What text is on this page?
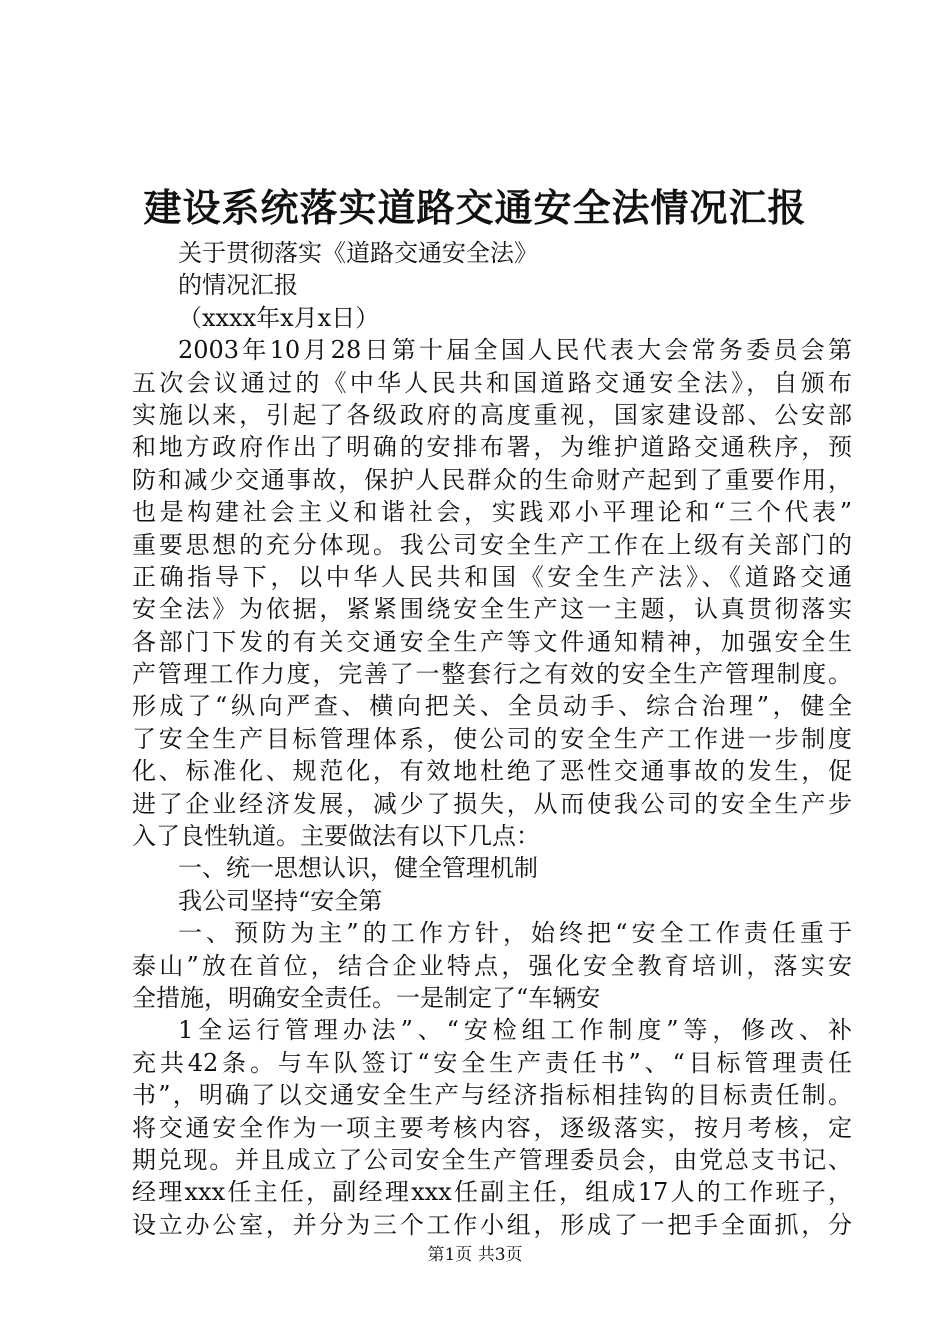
建设系统落实道路交通安全法情况汇报
关于贯彻落实《道路交通安全法》
的情况汇报
（xxxx年x月x日）
2003年10月28日第十届全国人民代表大会常务委员会第
五次会议通过的《中华人民共和国道路交通安全法》，自颁布
实施以来，引起了各级政府的高度重视，国家建设部、公安部
和地方政府作出了明确的安排布署，为维护道路交通秩序，预
防和减少交通事故，保护人民群众的生命财产起到了重要作用，
也是构建社会主义和谐社会，实践邓小平理论和“三个代表”
重要思想的充分体现。我公司安全生产工作在上级有关部门的
正确指导下，以中华人民共和国《安全生产法》、《道路交通
安全法》为依据，紧紧围绕安全生产这一主题，认真贯彻落实
各部门下发的有关交通安全生产等文件通知精神，加强安全生
产管理工作力度，完善了一整套行之有效的安全生产管理制度。
形成了“纵向严查、横向把关、全员动手、综合治理”，健全
了安全生产目标管理体系，使公司的安全生产工作进一步制度
化、标准化、规范化，有效地杜绝了恶性交通事故的发生，促
进了企业经济发展，减少了损失，从而使我公司的安全生产步
入了良性轨道。主要做法有以下几点：
一、统一思想认识，健全管理机制
我公司坚持“安全第
一、预防为主”的工作方针，始终把“安全工作责任重于
泰山”放在首位，结合企业特点，强化安全教育培训，落实安
全措施，明确安全责任。一是制定了“车辆安
1全运行管理办法”、“安检组工作制度”等，修改、补
充共42条。与车队签订“安全生产责任书”、“目标管理责任
书”，明确了以交通安全生产与经济指标相挂钩的目标责任制。
将交通安全作为一项主要考核内容，逐级落实，按月考核，定
期兑现。并且成立了公司安全生产管理委员会，由党总支书记、
经理xxx任主任，副经理xxx任副主任，组成17人的工作班子，
设立办公室，并分为三个工作小组，形成了一把手全面抓，分
第1页 共3页
